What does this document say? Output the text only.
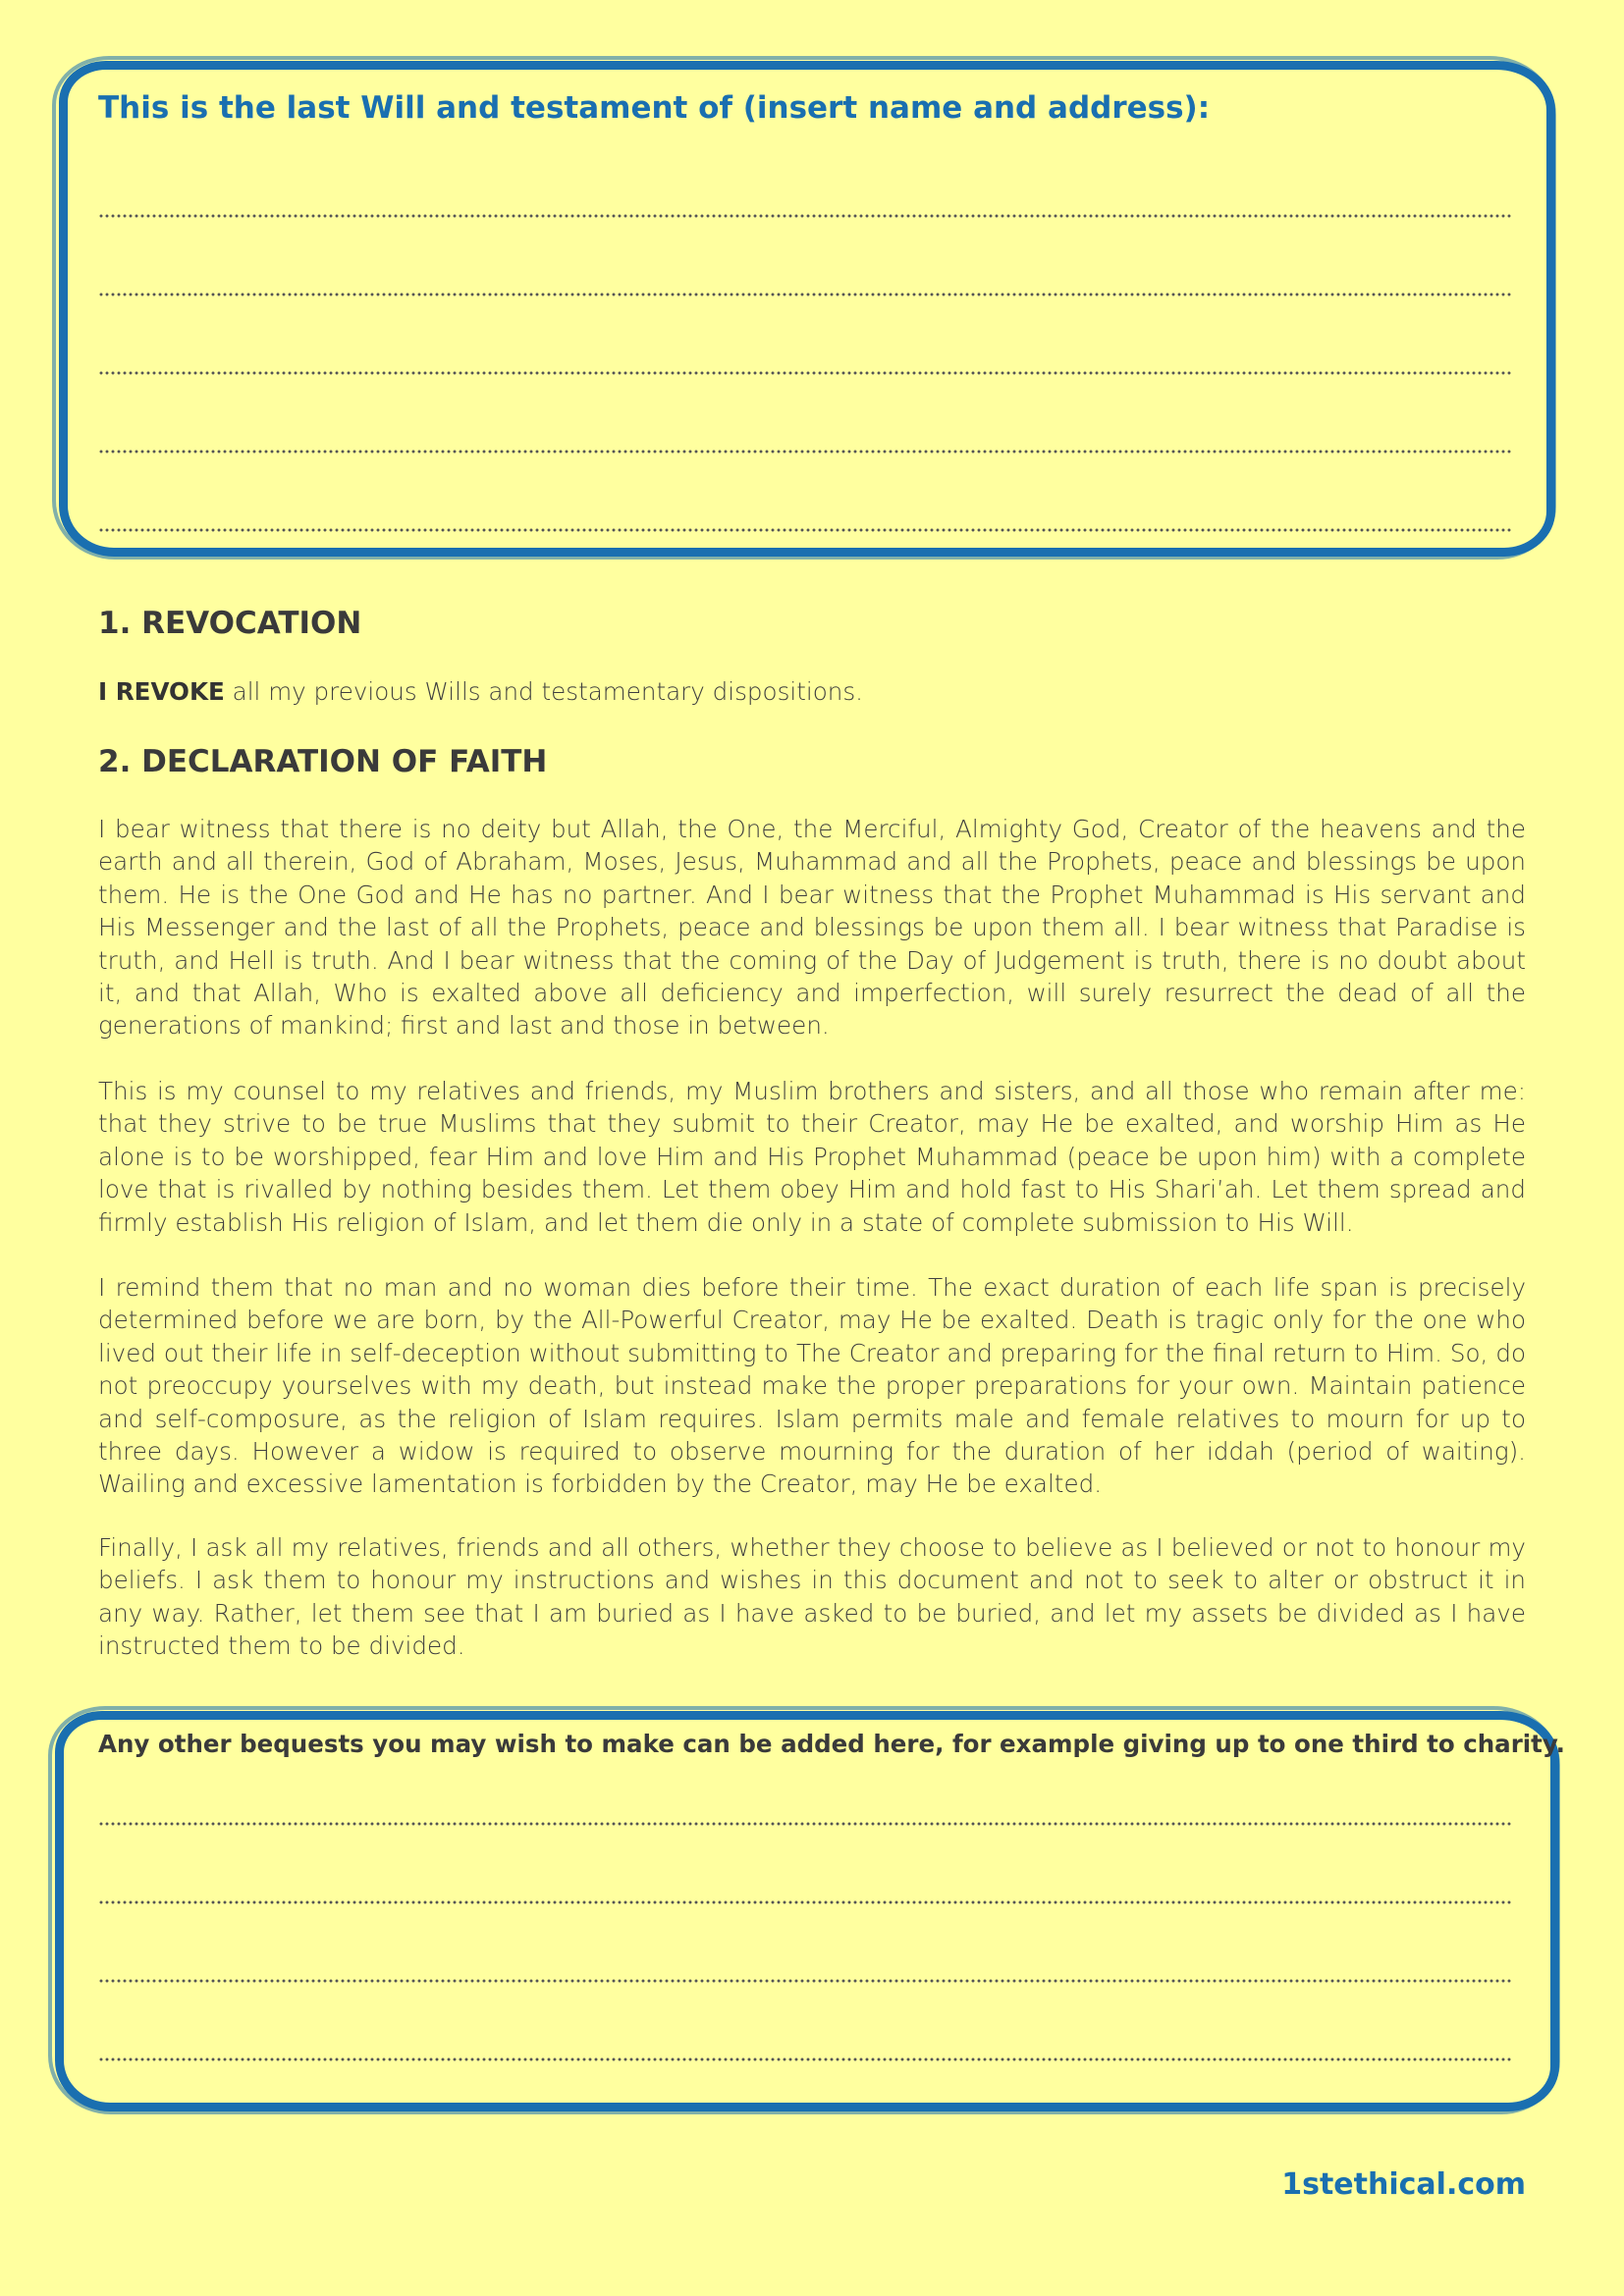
This is the last Will and testament of (insert name and address):
1. REVOCATION
I REVOKE all my previous Wills and testamentary dispositions.
2. DECLARATION OF FAITH
I bear witness that there is no deity but Allah, the One, the Merciful, Almighty God, Creator of the heavens and the earth and all therein, God of Abraham, Moses, Jesus, Muhammad and all the Prophets, peace and blessings be upon them. He is the One God and He has no partner. And I bear witness that the Prophet Muhammad is His servant and His Messenger and the last of all the Prophets, peace and blessings be upon them all. I bear witness that Paradise is truth, and Hell is truth. And I bear witness that the coming of the Day of Judgement is truth, there is no doubt about it, and that Allah, Who is exalted above all deficiency and imperfection, will surely resurrect the dead of all the generations of mankind; first and last and those in between.
This is my counsel to my relatives and friends, my Muslim brothers and sisters, and all those who remain after me: that they strive to be true Muslims that they submit to their Creator, may He be exalted, and worship Him as He alone is to be worshipped, fear Him and love Him and His Prophet Muhammad (peace be upon him) with a complete love that is rivalled by nothing besides them. Let them obey Him and hold fast to His Shari’ah. Let them spread and firmly establish His religion of Islam, and let them die only in a state of complete submission to His Will.
I remind them that no man and no woman dies before their time. The exact duration of each life span is precisely determined before we are born, by the All-Powerful Creator, may He be exalted. Death is tragic only for the one who lived out their life in self-deception without submitting to The Creator and preparing for the final return to Him. So, do not preoccupy yourselves with my death, but instead make the proper preparations for your own. Maintain patience and self-composure, as the religion of Islam requires. Islam permits male and female relatives to mourn for up to three days. However a widow is required to observe mourning for the duration of her iddah (period of waiting). Wailing and excessive lamentation is forbidden by the Creator, may He be exalted.
Finally, I ask all my relatives, friends and all others, whether they choose to believe as I believed or not to honour my beliefs. I ask them to honour my instructions and wishes in this document and not to seek to alter or obstruct it in any way. Rather, let them see that I am buried as I have asked to be buried, and let my assets be divided as I have instructed them to be divided.
Any other bequests you may wish to make can be added here, for example giving up to one third to charity.
1stethical.com
